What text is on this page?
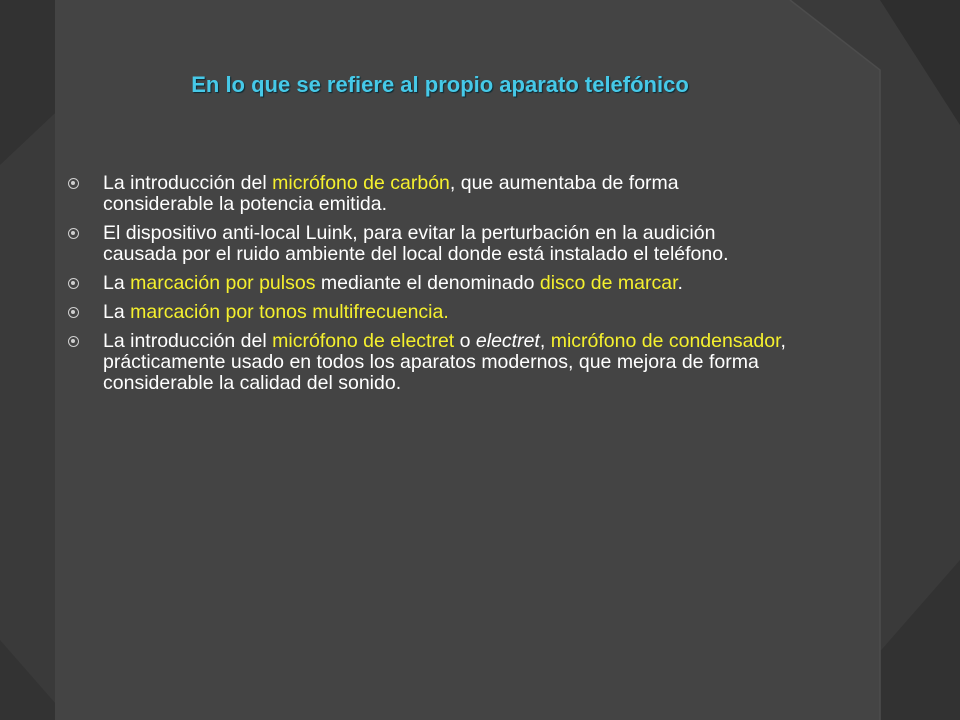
En lo que se refiere al propio aparato telefónico
La introducción del micrófono de carbón, que aumentaba de forma considerable la potencia emitida.
El dispositivo anti-local Luink, para evitar la perturbación en la audición causada por el ruido ambiente del local donde está instalado el teléfono.
La marcación por pulsos mediante el denominado disco de marcar.
La marcación por tonos multifrecuencia.
La introducción del micrófono de electret o electret, micrófono de condensador, prácticamente usado en todos los aparatos modernos, que mejora de forma considerable la calidad del sonido.
